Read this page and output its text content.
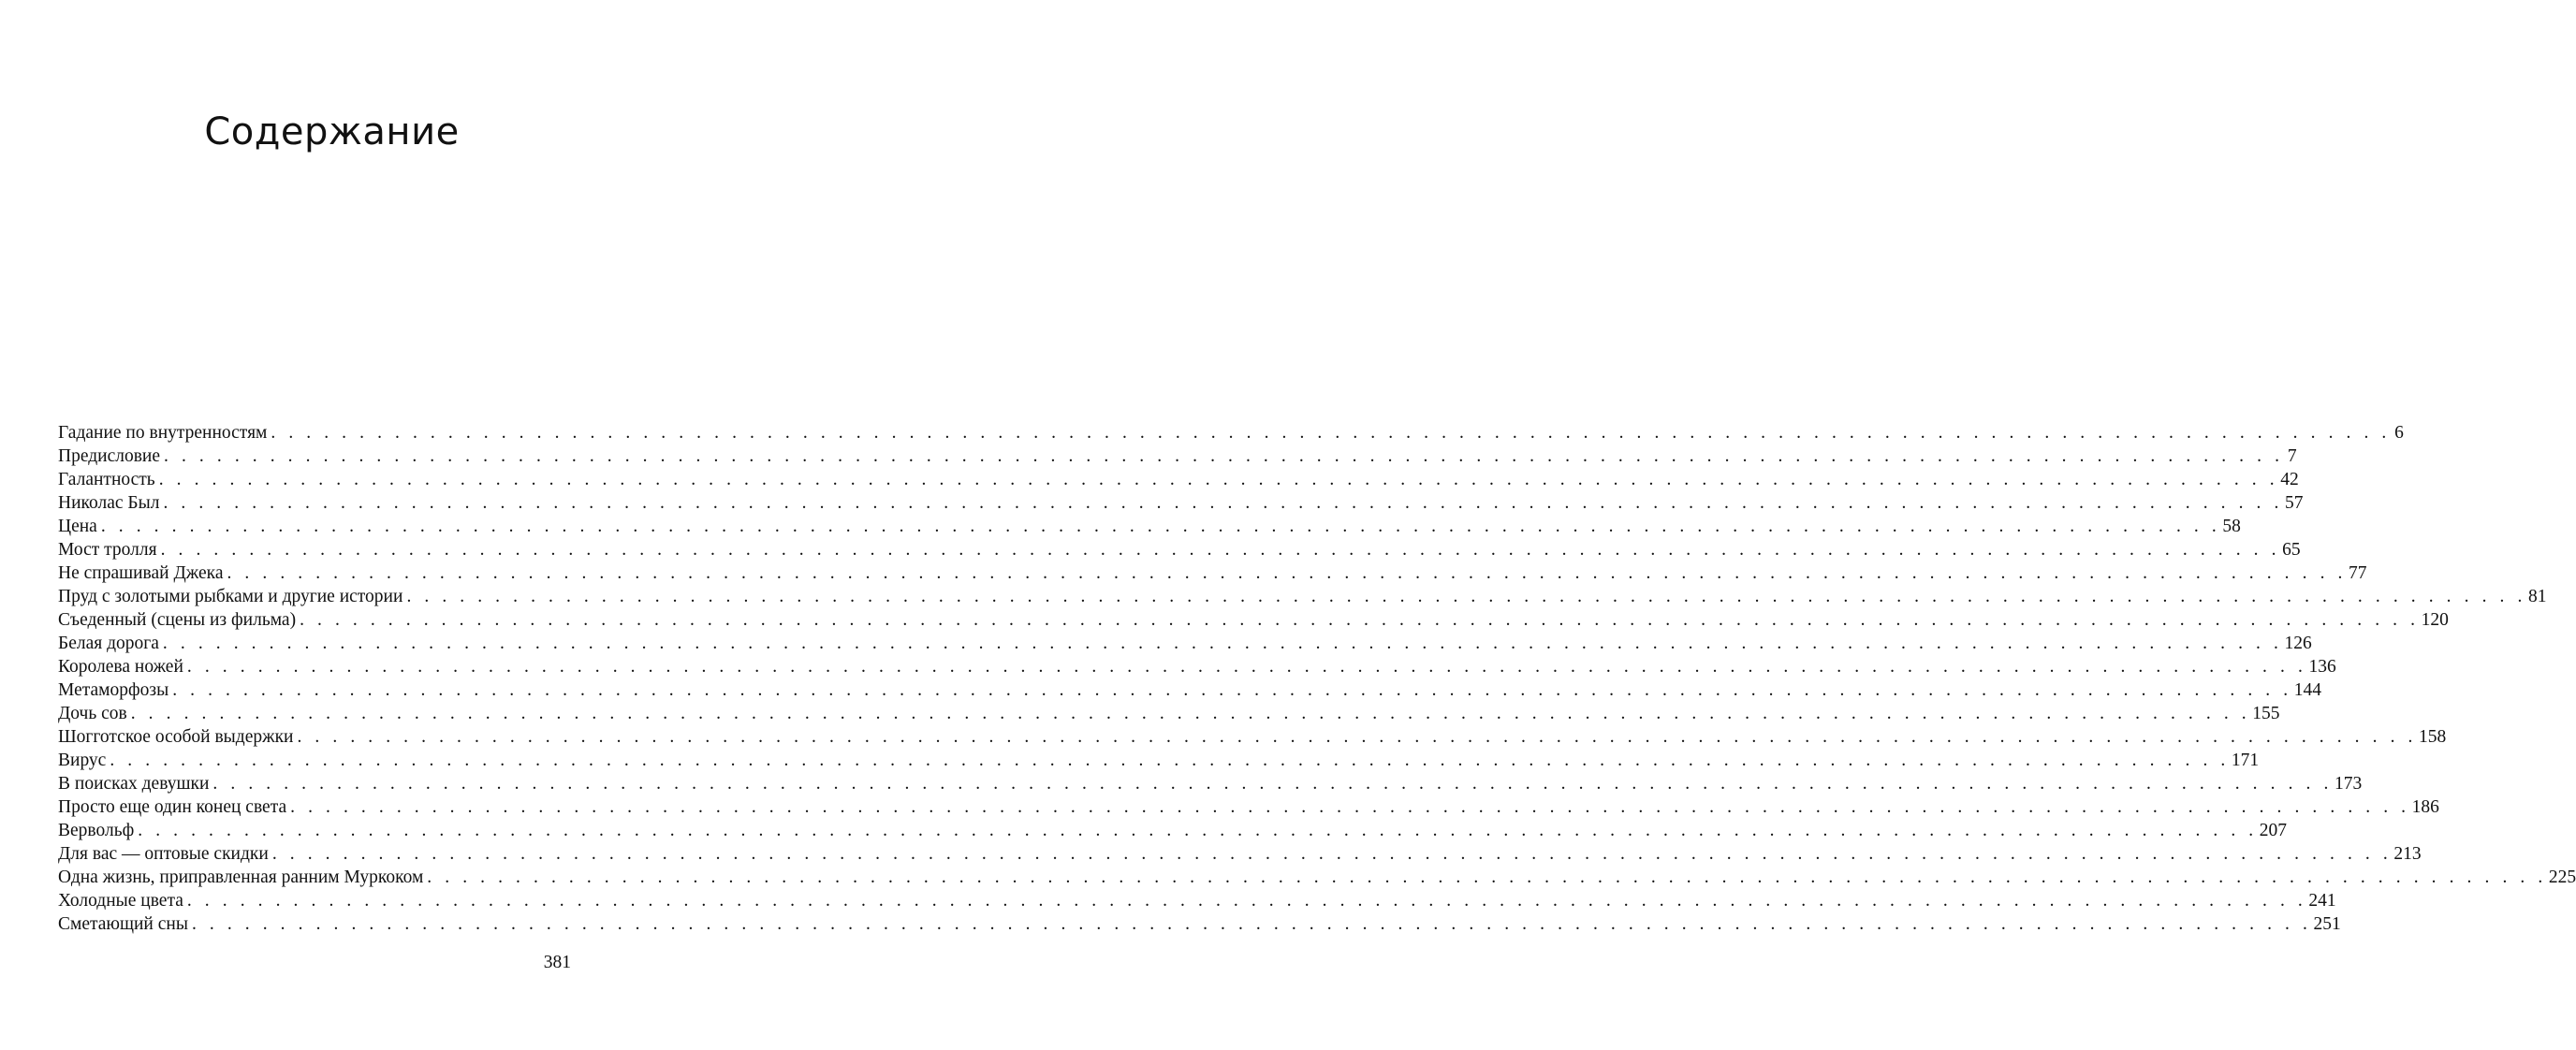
Содержание
Гадание по внутренностям . . . . . . . . . . . . . . . . . . . . . . . . . . . . . . . . . . . . . . . . . . . . . . . . . . . . . . . . . . . . . . . . . . . . . . . . . . . . . . . . . . . . . . . . . . . . . . . . . . . . . . . . . . . . . . . . . . . . . . . . 6
Предисловие . . . . . . . . . . . . . . . . . . . . . . . . . . . . . . . . . . . . . . . . . . . . . . . . . . . . . . . . . . . . . . . . . . . . . . . . . . . . . . . . . . . . . . . . . . . . . . . . . . . . . . . . . . . . . . . . . . . . . . . . 7
Галантность . . . . . . . . . . . . . . . . . . . . . . . . . . . . . . . . . . . . . . . . . . . . . . . . . . . . . . . . . . . . . . . . . . . . . . . . . . . . . . . . . . . . . . . . . . . . . . . . . . . . . . . . . . . . . . . . . . . . . . . . 42
Николас Был . . . . . . . . . . . . . . . . . . . . . . . . . . . . . . . . . . . . . . . . . . . . . . . . . . . . . . . . . . . . . . . . . . . . . . . . . . . . . . . . . . . . . . . . . . . . . . . . . . . . . . . . . . . . . . . . . . . . . . . . 57
Цена . . . . . . . . . . . . . . . . . . . . . . . . . . . . . . . . . . . . . . . . . . . . . . . . . . . . . . . . . . . . . . . . . . . . . . . . . . . . . . . . . . . . . . . . . . . . . . . . . . . . . . . . . . . . . . . . . . . . . . . . 58
Мост тролля . . . . . . . . . . . . . . . . . . . . . . . . . . . . . . . . . . . . . . . . . . . . . . . . . . . . . . . . . . . . . . . . . . . . . . . . . . . . . . . . . . . . . . . . . . . . . . . . . . . . . . . . . . . . . . . . . . . . . . . . 65
Не спрашивай Джека . . . . . . . . . . . . . . . . . . . . . . . . . . . . . . . . . . . . . . . . . . . . . . . . . . . . . . . . . . . . . . . . . . . . . . . . . . . . . . . . . . . . . . . . . . . . . . . . . . . . . . . . . . . . . . . . . . . . . . . . 77
Пруд с золотыми рыбками и другие истории . . . . . . . . . . . . . . . . . . . . . . . . . . . . . . . . . . . . . . . . . . . . . . . . . . . . . . . . . . . . . . . . . . . . . . . . . . . . . . . . . . . . . . . . . . . . . . . . . . . . . . . . . . . . . . . . . . . . . . . . 81
Съеденный (сцены из фильма) . . . . . . . . . . . . . . . . . . . . . . . . . . . . . . . . . . . . . . . . . . . . . . . . . . . . . . . . . . . . . . . . . . . . . . . . . . . . . . . . . . . . . . . . . . . . . . . . . . . . . . . . . . . . . . . . . . . . . . . . 120
Белая дорога . . . . . . . . . . . . . . . . . . . . . . . . . . . . . . . . . . . . . . . . . . . . . . . . . . . . . . . . . . . . . . . . . . . . . . . . . . . . . . . . . . . . . . . . . . . . . . . . . . . . . . . . . . . . . . . . . . . . . . . . 126
Королева ножей . . . . . . . . . . . . . . . . . . . . . . . . . . . . . . . . . . . . . . . . . . . . . . . . . . . . . . . . . . . . . . . . . . . . . . . . . . . . . . . . . . . . . . . . . . . . . . . . . . . . . . . . . . . . . . . . . . . . . . . . 136
Метаморфозы . . . . . . . . . . . . . . . . . . . . . . . . . . . . . . . . . . . . . . . . . . . . . . . . . . . . . . . . . . . . . . . . . . . . . . . . . . . . . . . . . . . . . . . . . . . . . . . . . . . . . . . . . . . . . . . . . . . . . . . . 144
Дочь сов . . . . . . . . . . . . . . . . . . . . . . . . . . . . . . . . . . . . . . . . . . . . . . . . . . . . . . . . . . . . . . . . . . . . . . . . . . . . . . . . . . . . . . . . . . . . . . . . . . . . . . . . . . . . . . . . . . . . . . . . 155
Шогготское особой выдержки . . . . . . . . . . . . . . . . . . . . . . . . . . . . . . . . . . . . . . . . . . . . . . . . . . . . . . . . . . . . . . . . . . . . . . . . . . . . . . . . . . . . . . . . . . . . . . . . . . . . . . . . . . . . . . . . . . . . . . . . 158
Вирус . . . . . . . . . . . . . . . . . . . . . . . . . . . . . . . . . . . . . . . . . . . . . . . . . . . . . . . . . . . . . . . . . . . . . . . . . . . . . . . . . . . . . . . . . . . . . . . . . . . . . . . . . . . . . . . . . . . . . . . . 171
В поисках девушки . . . . . . . . . . . . . . . . . . . . . . . . . . . . . . . . . . . . . . . . . . . . . . . . . . . . . . . . . . . . . . . . . . . . . . . . . . . . . . . . . . . . . . . . . . . . . . . . . . . . . . . . . . . . . . . . . . . . . . . . 173
Просто еще один конец света . . . . . . . . . . . . . . . . . . . . . . . . . . . . . . . . . . . . . . . . . . . . . . . . . . . . . . . . . . . . . . . . . . . . . . . . . . . . . . . . . . . . . . . . . . . . . . . . . . . . . . . . . . . . . . . . . . . . . . . . 186
Вервольф . . . . . . . . . . . . . . . . . . . . . . . . . . . . . . . . . . . . . . . . . . . . . . . . . . . . . . . . . . . . . . . . . . . . . . . . . . . . . . . . . . . . . . . . . . . . . . . . . . . . . . . . . . . . . . . . . . . . . . . . 207
Для вас — оптовые скидки . . . . . . . . . . . . . . . . . . . . . . . . . . . . . . . . . . . . . . . . . . . . . . . . . . . . . . . . . . . . . . . . . . . . . . . . . . . . . . . . . . . . . . . . . . . . . . . . . . . . . . . . . . . . . . . . . . . . . . . . 213
Одна жизнь, приправленная ранним Муркоком . . . . . . . . . . . . . . . . . . . . . . . . . . . . . . . . . . . . . . . . . . . . . . . . . . . . . . . . . . . . . . . . . . . . . . . . . . . . . . . . . . . . . . . . . . . . . . . . . . . . . . . . . . . . . . . . . . . . . . . . 225
Холодные цвета . . . . . . . . . . . . . . . . . . . . . . . . . . . . . . . . . . . . . . . . . . . . . . . . . . . . . . . . . . . . . . . . . . . . . . . . . . . . . . . . . . . . . . . . . . . . . . . . . . . . . . . . . . . . . . . . . . . . . . . . 241
Сметающий сны . . . . . . . . . . . . . . . . . . . . . . . . . . . . . . . . . . . . . . . . . . . . . . . . . . . . . . . . . . . . . . . . . . . . . . . . . . . . . . . . . . . . . . . . . . . . . . . . . . . . . . . . . . . . . . . . . . . . . . . . 251
381
